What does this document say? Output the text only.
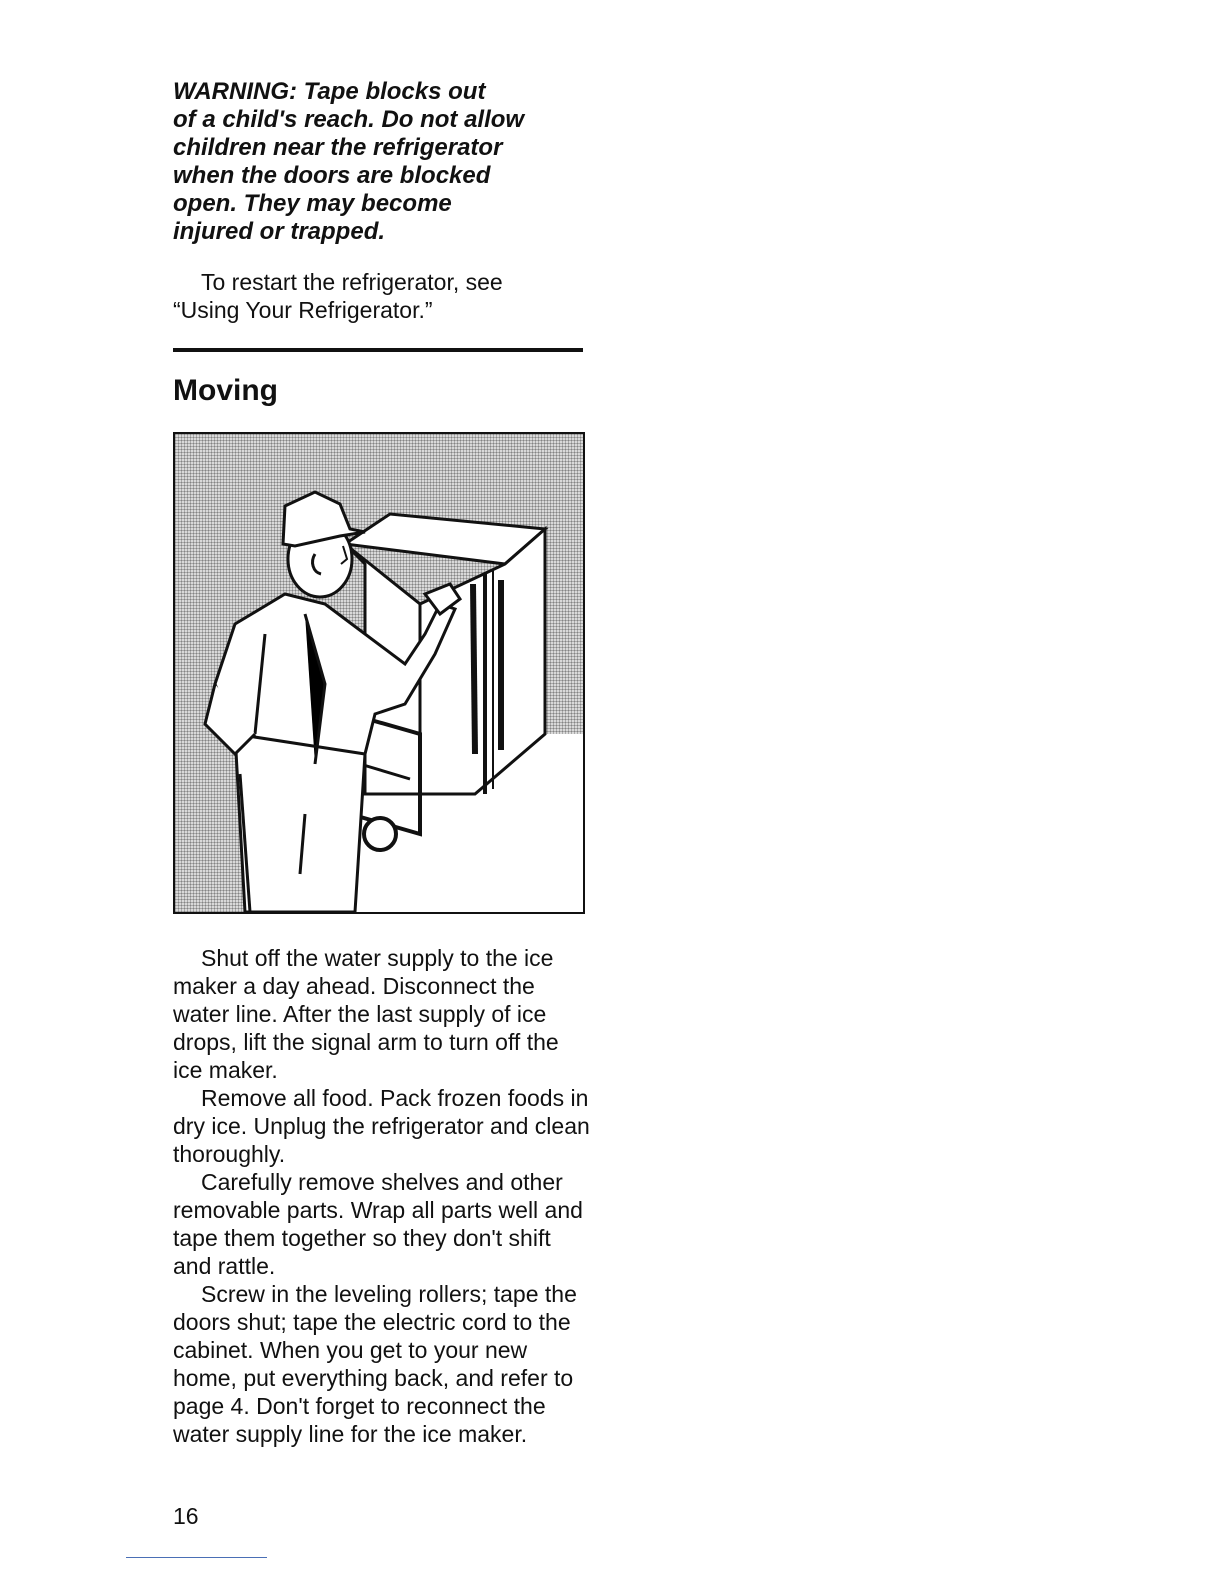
WARNING: Tape blocks out

of a child's reach. Do not allow

children near the refrigerator

when the doors are blocked

open. They may become

injured or trapped.

To restart the refrigerator, see “Using Your Refrigerator.”

Moving

Shut off the water supply to the ice maker a day ahead. Disconnect the water line. After the last supply of ice drops, lift the signal arm to turn off the ice maker.

Remove all food. Pack frozen foods in dry ice. Unplug the refrigerator and clean thoroughly.

Carefully remove shelves and other removable parts. Wrap all parts well and tape them together so they don't shift and rattle.

Screw in the leveling rollers; tape the doors shut; tape the electric cord to the cabinet. When you get to your new home, put everything back, and refer to page 4. Don't forget to reconnect the water supply line for the ice maker.

16
